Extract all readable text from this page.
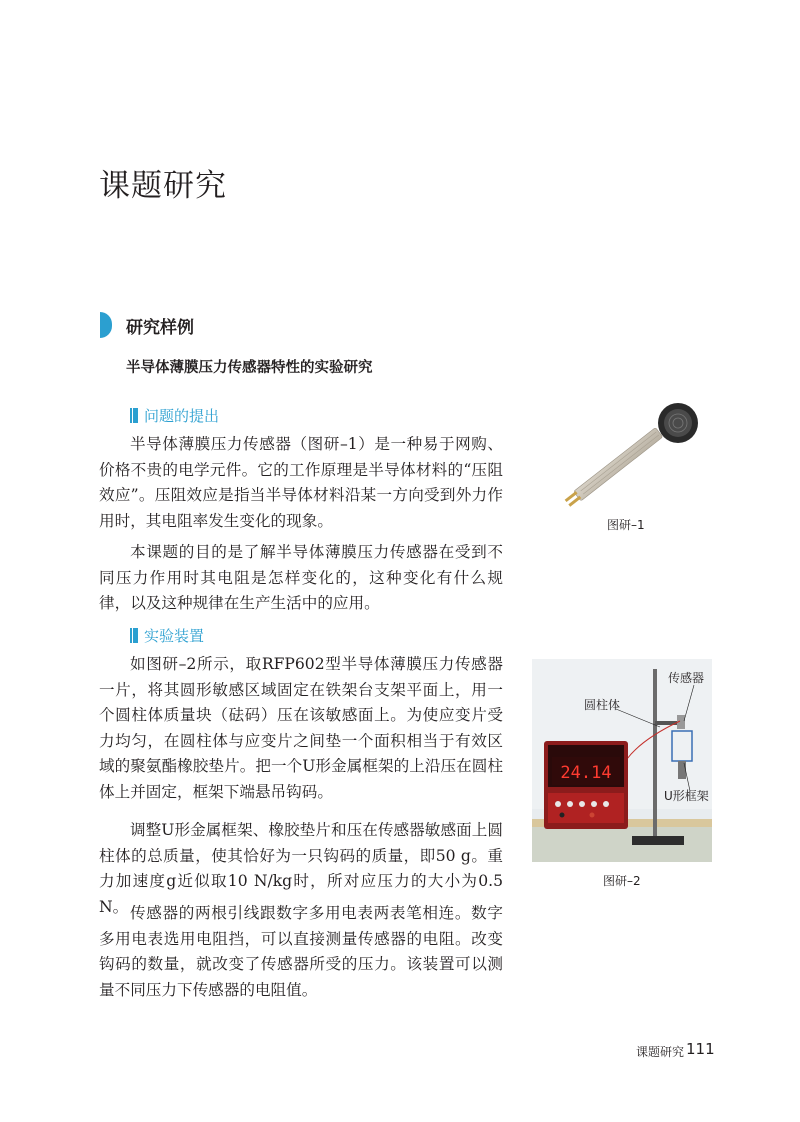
课题研究
研究样例
半导体薄膜压力传感器特性的实验研究
问题的提出

半导体薄膜压力传感器（图研–1）是一种易于网购、价格不贵的电学元件。它的工作原理是半导体材料的“压阻效应”。压阻效应是指当半导体材料沿某一方向受到外力作用时，其电阻率发生变化的现象。

本课题的目的是了解半导体薄膜压力传感器在受到不同压力作用时其电阻是怎样变化的，这种变化有什么规律，以及这种规律在生产生活中的应用。

实验装置

如图研–2所示，取RFP602型半导体薄膜压力传感器一片，将其圆形敏感区域固定在铁架台支架平面上，用一个圆柱体质量块（砝码）压在该敏感面上。为使应变片受力均匀，在圆柱体与应变片之间垫一个面积相当于有效区域的聚氨酯橡胶垫片。把一个U形金属框架的上沿压在圆柱体上并固定，框架下端悬吊钩码。

调整U形金属框架、橡胶垫片和压在传感器敏感面上圆柱体的总质量，使其恰好为一只钩码的质量，即50 g。重力加速度g近似取10 N/kg时，所对应压力的大小为0.5 N。 传感器的两根引线跟数字多用电表两表笔相连。数字多用电表选用电阻挡，可以直接测量传感器的电阻。改变钩码的数量，就改变了传感器所受的压力。该装置可以测量不同压力下传感器的电阻值。

图研–1
24.14
传感器
圆柱体
U形框架
图研–2
课题研究 111
